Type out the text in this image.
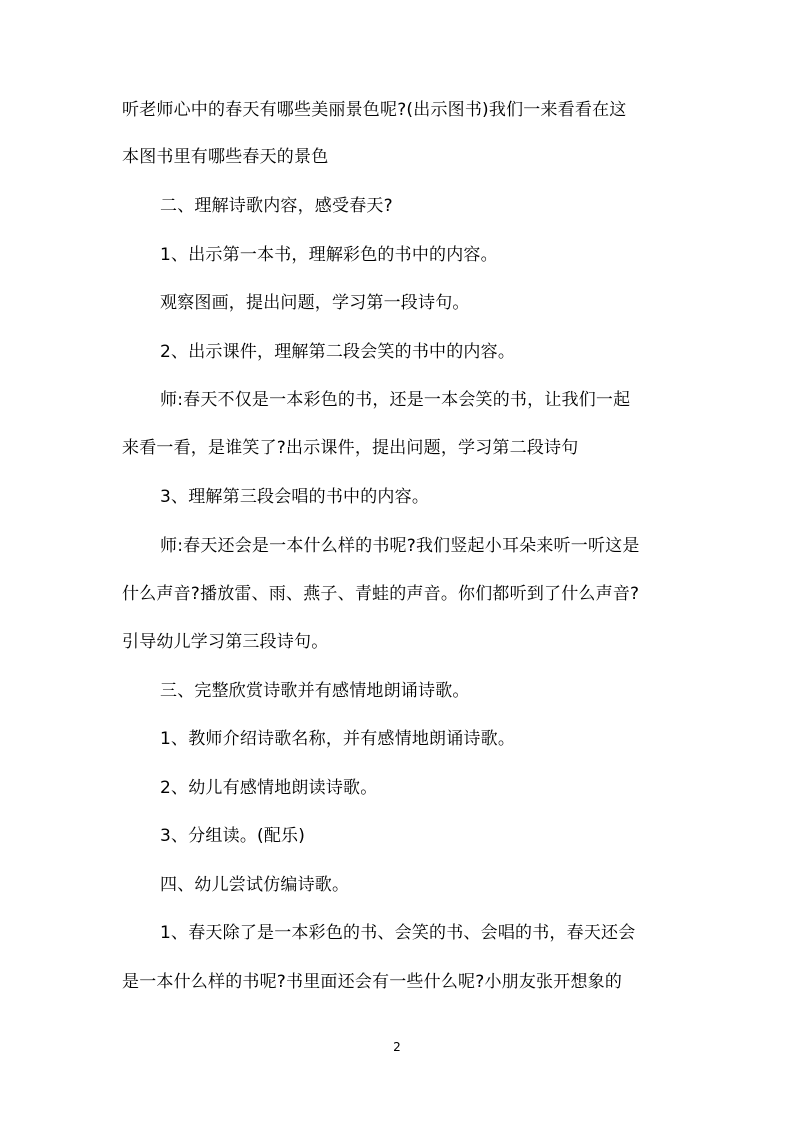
听老师心中的春天有哪些美丽景色呢?(出示图书)我们一来看看在这
本图书里有哪些春天的景色
二、理解诗歌内容，感受春天?
1、出示第一本书，理解彩色的书中的内容。
观察图画，提出问题，学习第一段诗句。
2、出示课件，理解第二段会笑的书中的内容。
师:春天不仅是一本彩色的书，还是一本会笑的书，让我们一起
来看一看，是谁笑了?出示课件，提出问题，学习第二段诗句
3、理解第三段会唱的书中的内容。
师:春天还会是一本什么样的书呢?我们竖起小耳朵来听一听这是
什么声音?播放雷、雨、燕子、青蛙的声音。你们都听到了什么声音?
引导幼儿学习第三段诗句。
三、完整欣赏诗歌并有感情地朗诵诗歌。
1、教师介绍诗歌名称，并有感情地朗诵诗歌。
2、幼儿有感情地朗读诗歌。
3、分组读。(配乐)
四、幼儿尝试仿编诗歌。
1、春天除了是一本彩色的书、会笑的书、会唱的书，春天还会
是一本什么样的书呢?书里面还会有一些什么呢?小朋友张开想象的
2
